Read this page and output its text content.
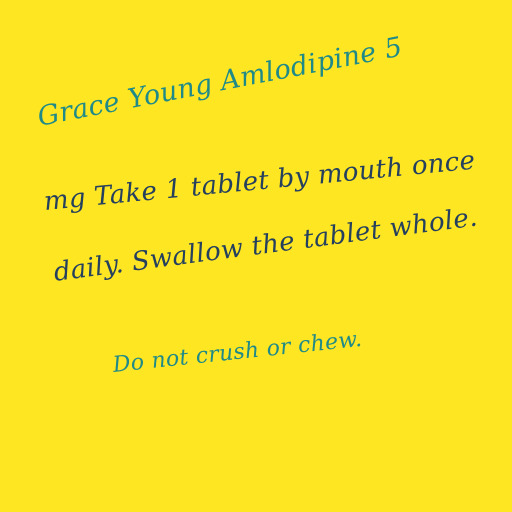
Grace Young Amlodipine 5
mg Take 1 tablet by mouth once
daily. Swallow the tablet whole.
Do not crush or chew.
